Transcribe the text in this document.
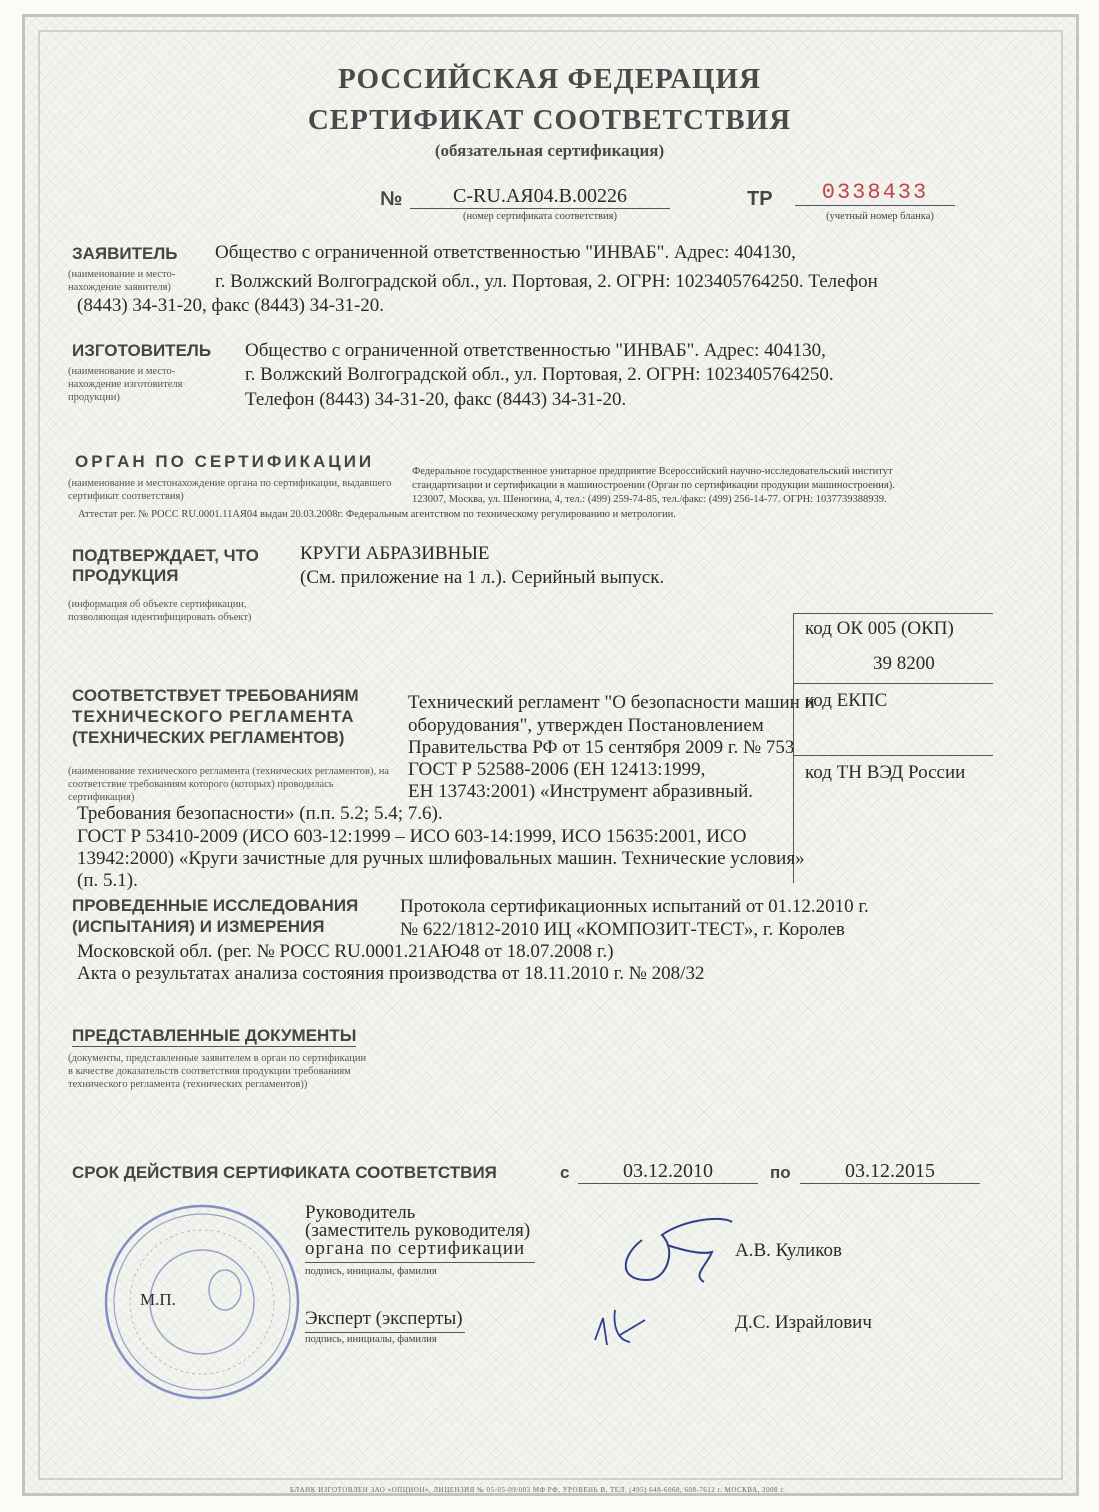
РОССИЙСКАЯ ФЕДЕРАЦИЯ
СЕРТИФИКАТ СООТВЕТСТВИЯ
(обязательная сертификация)
№	C-RU.АЯ04.В.00226
(номер сертификата соответствия)
ТР	0338433
(учетный номер бланка)
ЗАЯВИТЕЛЬ
(наименование и место-нахождение заявителя)
Общество с ограниченной ответственностью "ИНВАБ". Адрес: 404130,
г. Волжский Волгоградской обл., ул. Портовая, 2. ОГРН: 1023405764250. Телефон
(8443) 34-31-20, факс (8443) 34-31-20.
ИЗГОТОВИТЕЛЬ
(наименование и место-нахождение изготовителя продукции)
Общество с ограниченной ответственностью "ИНВАБ". Адрес: 404130,
г. Волжский Волгоградской обл., ул. Портовая, 2. ОГРН: 1023405764250.
Телефон (8443) 34-31-20, факс (8443) 34-31-20.
ОРГАН ПО СЕРТИФИКАЦИИ
(наименование и местонахождение органа по сертификации, выдавшего сертификат соответствия)
Федеральное государственное унитарное предприятие Всероссийский научно-исследовательский институт
стандартизации и сертификации в машиностроении (Орган по сертификации продукции машиностроения).
123007, Москва, ул. Шеногина, 4, тел.: (499) 259-74-85, тел./факс: (499) 256-14-77. ОГРН: 1037739388939.
Аттестат рег. № РОСС RU.0001.11АЯ04 выдан 20.03.2008г. Федеральным агентством по техническому регулированию и метрологии.
ПОДТВЕРЖДАЕТ, ЧТО
ПРОДУКЦИЯ
КРУГИ АБРАЗИВНЫЕ
(См. приложение на 1 л.). Серийный выпуск.
(информация об объекте сертификации, позволяющая идентифицировать объект)
код ОК 005 (ОКП)
39 8200
код ЕКПС
код ТН ВЭД России
СООТВЕТСТВУЕТ ТРЕБОВАНИЯМ
ТЕХНИЧЕСКОГО РЕГЛАМЕНТА
(ТЕХНИЧЕСКИХ РЕГЛАМЕНТОВ)
(наименование технического регламента (технических регламентов), на соответствие требованиям которого (которых) проводилась сертификация)
Технический регламент "О безопасности машин и
оборудования", утвержден Постановлением
Правительства РФ от 15 сентября 2009 г. № 753
ГОСТ Р 52588-2006 (ЕН 12413:1999,
ЕН 13743:2001) «Инструмент абразивный.
Требования безопасности» (п.п. 5.2; 5.4; 7.6).
ГОСТ Р 53410-2009 (ИСО 603-12:1999 – ИСО 603-14:1999, ИСО 15635:2001, ИСО
13942:2000) «Круги зачистные для ручных шлифовальных машин. Технические условия»
(п. 5.1).
ПРОВЕДЕННЫЕ ИССЛЕДОВАНИЯ
(ИСПЫТАНИЯ) И ИЗМЕРЕНИЯ
Протокола сертификационных испытаний от 01.12.2010 г.
№ 622/1812-2010 ИЦ «КОМПОЗИТ-ТЕСТ», г. Королев
Московской обл. (рег. № РОСС RU.0001.21АЮ48 от 18.07.2008 г.)
Акта о результатах анализа состояния производства от 18.11.2010 г. № 208/32
ПРЕДСТАВЛЕННЫЕ ДОКУМЕНТЫ
(документы, представленные заявителем в орган по сертификации в качестве доказательств соответствия продукции требованиям технического регламента (технических регламентов))
СРОК ДЕЙСТВИЯ СЕРТИФИКАТА СООТВЕТСТВИЯ	с	03.12.2010	по	03.12.2015
Руководитель
(заместитель руководителя)
органа по сертификации
подпись, инициалы, фамилия
А.В. Куликов
Эксперт (эксперты)
подпись, инициалы, фамилия
Д.С. Израйлович
М.П.
БЛАНК ИЗГОТОВЛЕН ЗАО «ОПЦИОН», ЛИЦЕНЗИЯ № 05-05-09/003 МФ РФ, УРОВЕНЬ В, ТЕЛ. (495) 648-6068, 608-7612 г. МОСКВА, 2008 г.
